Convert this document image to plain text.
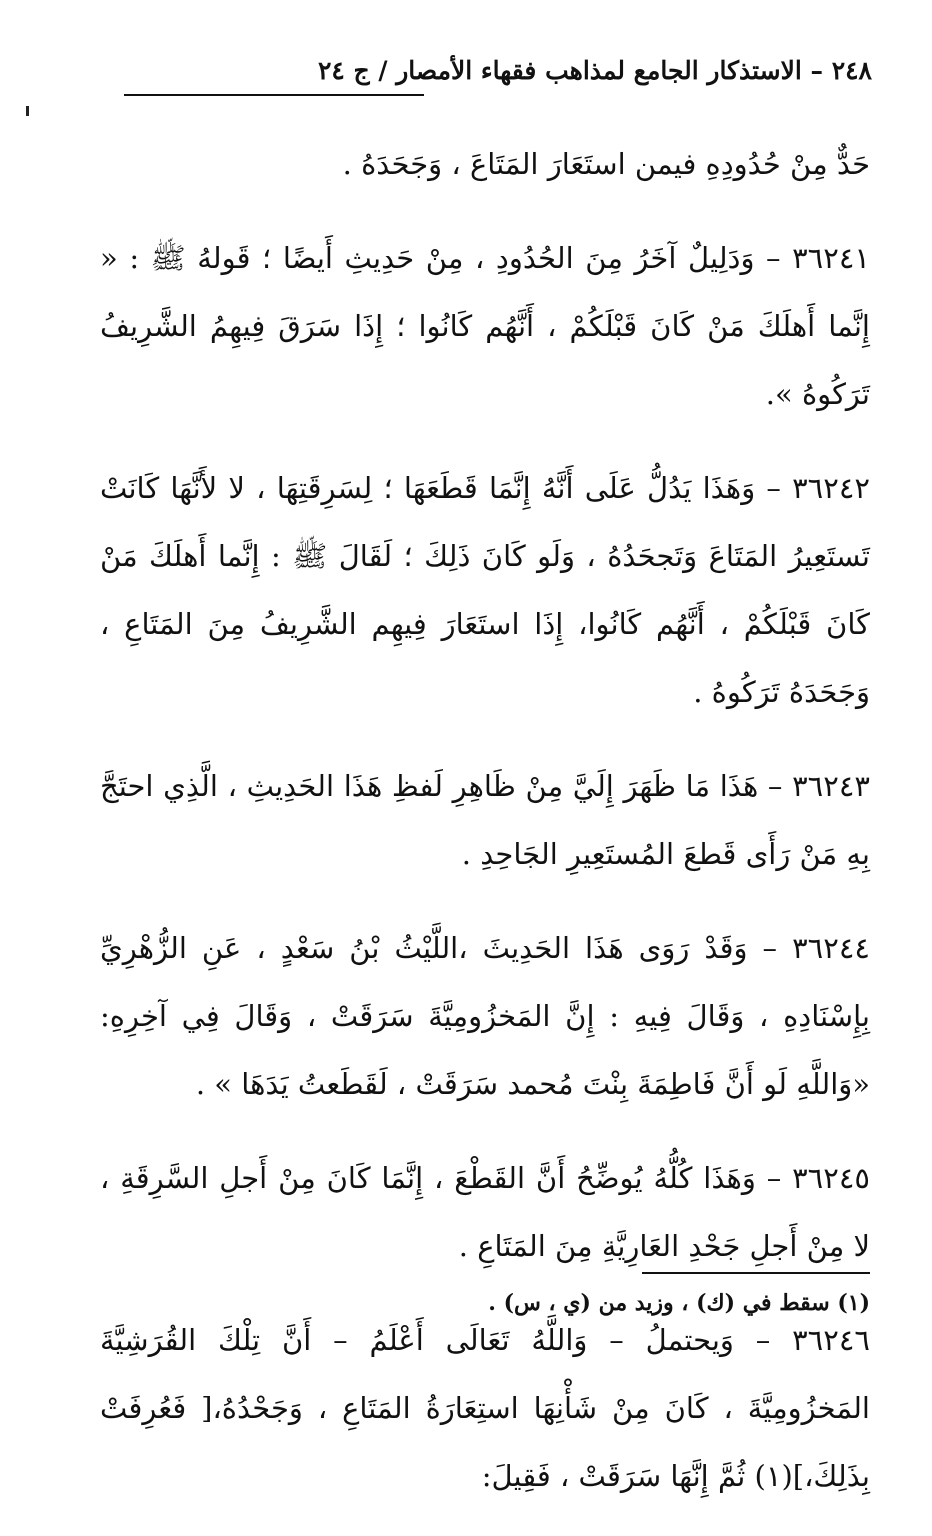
٢٤٨ – الاستذكار الجامع لمذاهب فقهاء الأمصار / ج ٢٤

حَدٌّ مِنْ حُدُودِهِ فيمن استَعَارَ المَتَاعَ ، وَجَحَدَهُ .

٣٦٢٤١ – وَدَلِيلٌ آخَرُ مِنَ الحُدُودِ ، مِنْ حَدِيثِ أَيضًا ؛ قَولهُ ﷺ : « إِنَّما أَهلَكَ مَنْ كَانَ قَبْلَكُمْ ، أَنَّهُم كَانُوا ؛ إِذَا سَرَقَ فِيهِمُ الشَّرِيفُ تَرَكُوهُ ».

٣٦٢٤٢ – وَهَذَا يَدُلُّ عَلَى أَنَّهُ إِنَّمَا قَطَعَهَا ؛ لِسَرِقَتِهَا ، لا لأَنَّهَا كَانَتْ تَستَعِيرُ المَتَاعَ وَتَجحَدُهُ ، وَلَو كَانَ ذَلِكَ ؛ لَقَالَ ﷺ : إِنَّما أَهلَكَ مَنْ كَانَ قَبْلَكُمْ ، أَنَّهُم كَانُوا، إِذَا استَعَارَ فِيهِم الشَّرِيفُ مِنَ المَتَاعِ ، وَجَحَدَهُ تَرَكُوهُ .

٣٦٢٤٣ – هَذَا مَا ظَهَرَ إِلَيَّ مِنْ ظَاهِرِ لَفظِ هَذَا الحَدِيثِ ، الَّذِي احتَجَّ بِهِ مَنْ رَأَى قَطعَ المُستَعِيرِ الجَاحِدِ .

٣٦٢٤٤ – وَقَدْ رَوَى هَذَا الحَدِيثَ ،اللَّيْثُ بْنُ سَعْدٍ ، عَنِ الزُّهْرِيِّ بِإِسْنَادِهِ ، وَقَالَ فِيهِ : إِنَّ المَخزُومِيَّةَ سَرَقَتْ ، وَقَالَ فِي آخِرِهِ: «وَاللَّهِ لَو أَنَّ فَاطِمَةَ بِنْتَ مُحمد سَرَقَتْ ، لَقَطَعتُ يَدَهَا » .

٣٦٢٤٥ – وَهَذَا كُلُّهُ يُوضِّحُ أَنَّ القَطْعَ ، إِنَّمَا كَانَ مِنْ أَجلِ السَّرِقَةِ ، لا مِنْ أَجلِ جَحْدِ العَارِيَّةِ مِنَ المَتَاعِ .

٣٦٢٤٦ – وَيحتملُ – وَاللَّهُ تَعَالَى أَعْلَمُ – أَنَّ تِلْكَ القُرَشِيَّةَ المَخزُومِيَّةَ ، كَانَ مِنْ شَأْنِهَا استِعَارَةُ المَتَاعِ ، وَجَحْدُهُ،[ فَعُرِفَتْ بِذَلِكَ،](١) ثُمَّ إِنَّهَا سَرَقَتْ ، فَقِيلَ:

(١) سقط في (ك) ، وزيد من (ي ، س) .
